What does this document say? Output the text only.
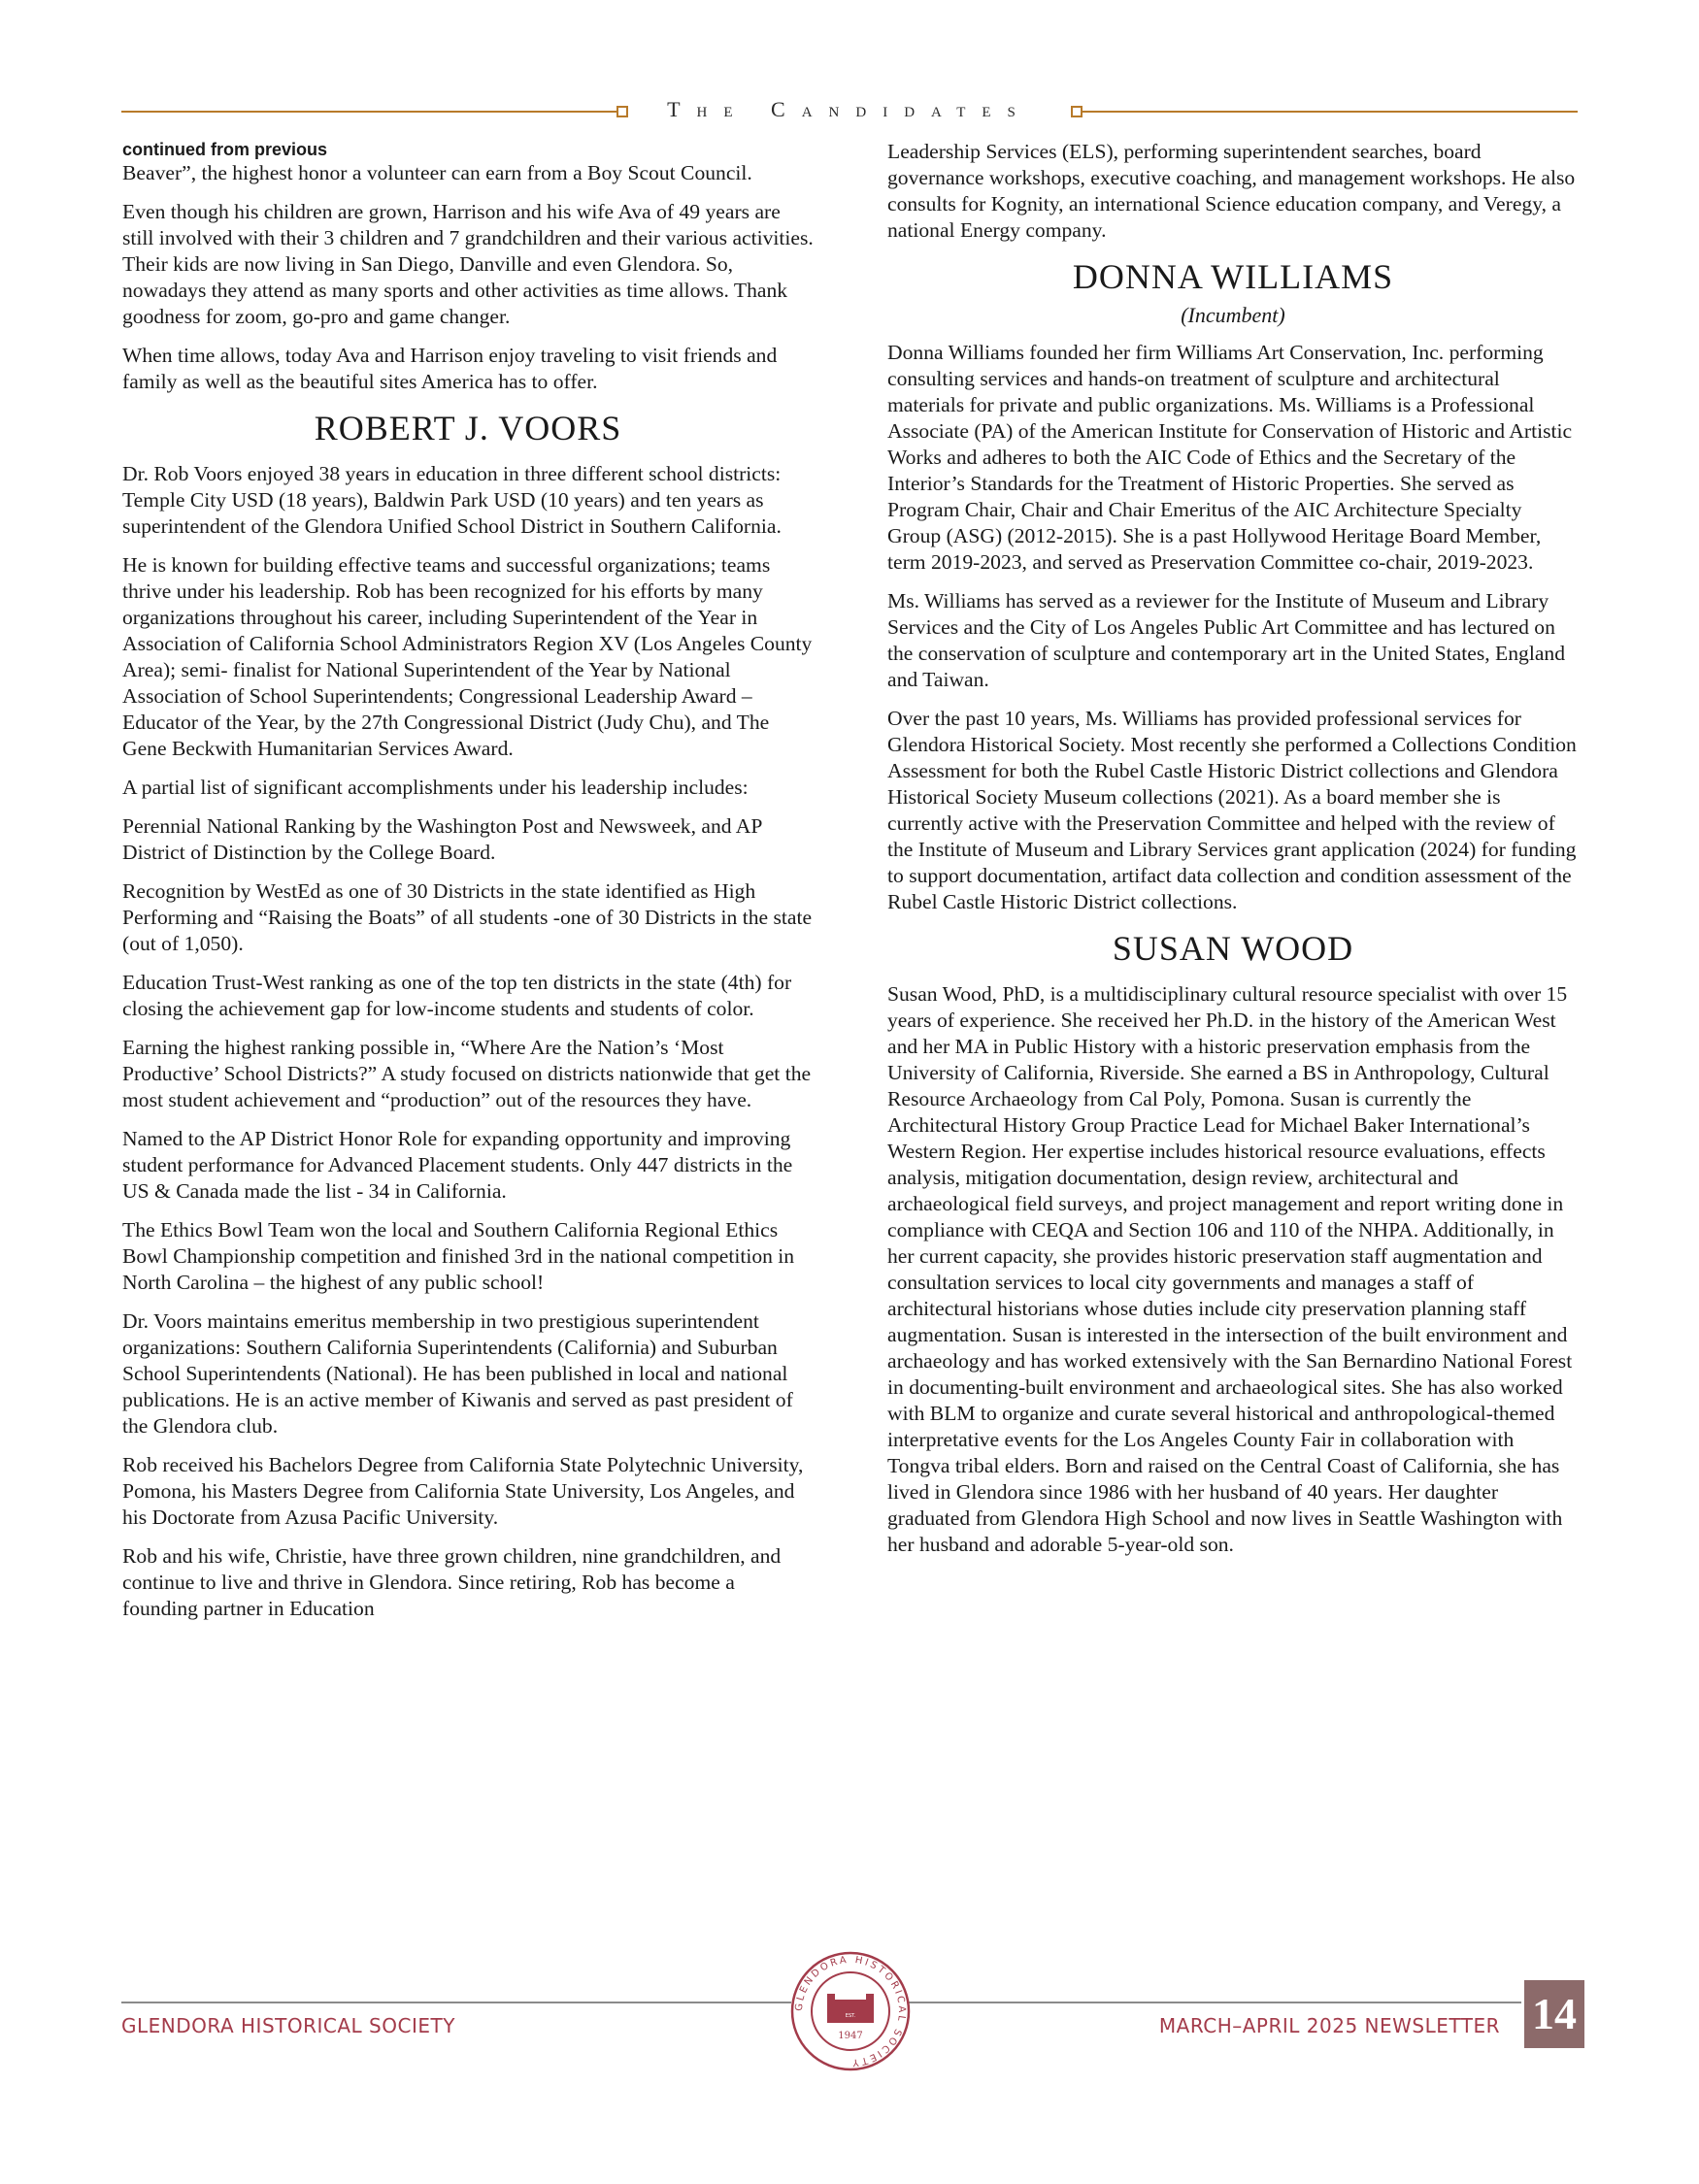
The Candidates

continued from previous

Beaver”, the highest honor a volunteer can earn from a Boy Scout Council.

Even though his children are grown, Harrison and his wife Ava of 49 years are still involved with their 3 children and 7 grandchildren and their various activities. Their kids are now living in San Diego, Danville and even Glendora. So, nowadays they attend as many sports and other activities as time allows. Thank goodness for zoom, go-pro and game changer.

When time allows, today Ava and Harrison enjoy traveling to visit friends and family as well as the beautiful sites America has to offer.

ROBERT J. VOORS

Dr. Rob Voors enjoyed 38 years in education in three different school districts: Temple City USD (18 years), Baldwin Park USD (10 years) and ten years as superintendent of the Glendora Unified School District in Southern California.

He is known for building effective teams and successful organizations; teams thrive under his leadership. Rob has been recognized for his efforts by many organizations throughout his career, including Superintendent of the Year in Association of California School Administrators Region XV (Los Angeles County Area); semi- finalist for National Superintendent of the Year by National Association of School Superintendents; Congressional Leadership Award – Educator of the Year, by the 27th Congressional District (Judy Chu), and The Gene Beckwith Humanitarian Services Award.

A partial list of significant accomplishments under his leadership includes:

Perennial National Ranking by the Washington Post and Newsweek, and AP District of Distinction by the College Board.

Recognition by WestEd as one of 30 Districts in the state identified as High Performing and “Raising the Boats” of all students -one of 30 Districts in the state (out of 1,050).

Education Trust-West ranking as one of the top ten districts in the state (4th) for closing the achievement gap for low-income students and students of color.

Earning the highest ranking possible in, “Where Are the Nation’s ‘Most Productive’ School Districts?” A study focused on districts nationwide that get the most student achievement and “production” out of the resources they have.

Named to the AP District Honor Role for expanding opportunity and improving student performance for Advanced Placement students. Only 447 districts in the US & Canada made the list - 34 in California.

The Ethics Bowl Team won the local and Southern California Regional Ethics Bowl Championship competition and finished 3rd in the national competition in North Carolina – the highest of any public school!

Dr. Voors maintains emeritus membership in two prestigious superintendent organizations: Southern California Superintendents (California) and Suburban School Superintendents (National). He has been published in local and national publications. He is an active member of Kiwanis and served as past president of the Glendora club.

Rob received his Bachelors Degree from California State Polytechnic University, Pomona, his Masters Degree from California State University, Los Angeles, and his Doctorate from Azusa Pacific University.

Rob and his wife, Christie, have three grown children, nine grandchildren, and continue to live and thrive in Glendora. Since retiring, Rob has become a founding partner in Education

Leadership Services (ELS), performing superintendent searches, board governance workshops, executive coaching, and management workshops. He also consults for Kognity, an international Science education company, and Veregy, a national Energy company.

DONNA WILLIAMS

(Incumbent)

Donna Williams founded her firm Williams Art Conservation, Inc. performing consulting services and hands-on treatment of sculpture and architectural materials for private and public organizations. Ms. Williams is a Professional Associate (PA) of the American Institute for Conservation of Historic and Artistic Works and adheres to both the AIC Code of Ethics and the Secretary of the Interior’s Standards for the Treatment of Historic Properties. She served as Program Chair, Chair and Chair Emeritus of the AIC Architecture Specialty Group (ASG) (2012-2015). She is a past Hollywood Heritage Board Member, term 2019-2023, and served as Preservation Committee co-chair, 2019-2023.

Ms. Williams has served as a reviewer for the Institute of Museum and Library Services and the City of Los Angeles Public Art Committee and has lectured on the conservation of sculpture and contemporary art in the United States, England and Taiwan.

Over the past 10 years, Ms. Williams has provided professional services for Glendora Historical Society. Most recently she performed a Collections Condition Assessment for both the Rubel Castle Historic District collections and Glendora Historical Society Museum collections (2021). As a board member she is currently active with the Preservation Committee and helped with the review of the Institute of Museum and Library Services grant application (2024) for funding to support documentation, artifact data collection and condition assessment of the Rubel Castle Historic District collections.

SUSAN WOOD

Susan Wood, PhD, is a multidisciplinary cultural resource specialist with over 15 years of experience. She received her Ph.D. in the history of the American West and her MA in Public History with a historic preservation emphasis from the University of California, Riverside. She earned a BS in Anthropology, Cultural Resource Archaeology from Cal Poly, Pomona. Susan is currently the Architectural History Group Practice Lead for Michael Baker International’s Western Region. Her expertise includes historical resource evaluations, effects analysis, mitigation documentation, design review, architectural and archaeological field surveys, and project management and report writing done in compliance with CEQA and Section 106 and 110 of the NHPA. Additionally, in her current capacity, she provides historic preservation staff augmentation and consultation services to local city governments and manages a staff of architectural historians whose duties include city preservation planning staff augmentation. Susan is interested in the intersection of the built environment and archaeology and has worked extensively with the San Bernardino National Forest in documenting-built environment and archaeological sites. She has also worked with BLM to organize and curate several historical and anthropological-themed interpretative events for the Los Angeles County Fair in collaboration with Tongva tribal elders. Born and raised on the Central Coast of California, she has lived in Glendora since 1986 with her husband of 40 years. Her daughter graduated from Glendora High School and now lives in Seattle Washington with her husband and adorable 5-year-old son.

GLENDORA HISTORICAL SOCIETY	MARCH–APRIL 2025 NEWSLETTER 14
GLENDORA HISTORICAL SOCIETY
EST.
1947
